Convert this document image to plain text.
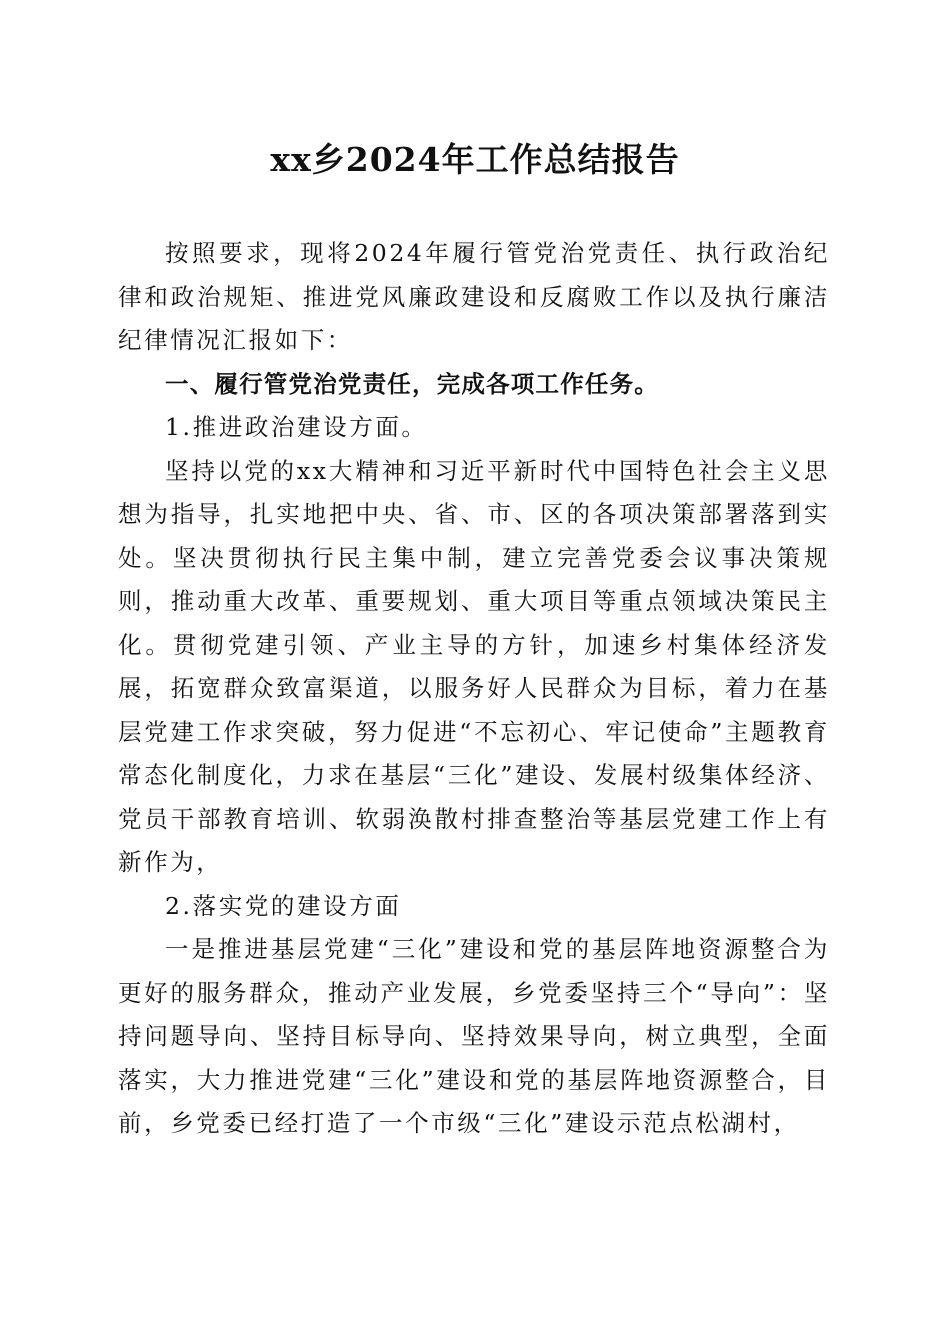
xx乡2024年工作总结报告

按照要求，现将2024年履行管党治党责任、执行政治纪律和政治规矩、推进党风廉政建设和反腐败工作以及执行廉洁纪律情况汇报如下：

一、履行管党治党责任，完成各项工作任务。

1.推进政治建设方面。

坚持以党的xx大精神和习近平新时代中国特色社会主义思想为指导，扎实地把中央、省、市、区的各项决策部署落到实处。坚决贯彻执行民主集中制，建立完善党委会议事决策规则，推动重大改革、重要规划、重大项目等重点领域决策民主化。贯彻党建引领、产业主导的方针，加速乡村集体经济发展，拓宽群众致富渠道，以服务好人民群众为目标，着力在基层党建工作求突破，努力促进“不忘初心、牢记使命”主题教育常态化制度化，力求在基层“三化”建设、发展村级集体经济、党员干部教育培训、软弱涣散村排查整治等基层党建工作上有新作为，

2.落实党的建设方面

一是推进基层党建“三化”建设和党的基层阵地资源整合为更好的服务群众，推动产业发展，乡党委坚持三个“导向”：坚持问题导向、坚持目标导向、坚持效果导向，树立典型，全面落实，大力推进党建“三化”建设和党的基层阵地资源整合，目前，乡党委已经打造了一个市级“三化”建设示范点松湖村，
